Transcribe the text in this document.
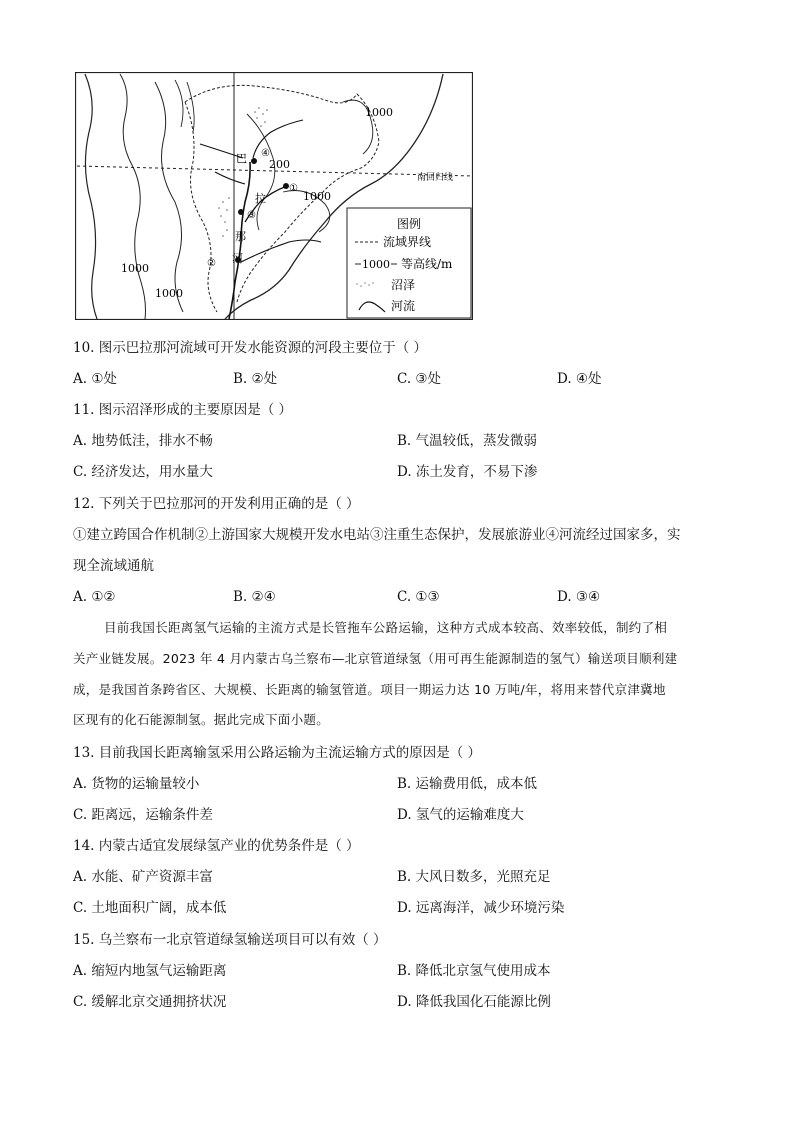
1000
200
1000
1000
1000
南回归线
巴
拉
那
河
①
②
③
④
图例
流域界线
1000 等高线/m
沼泽
河流
10. 图示巴拉那河流域可开发水能资源的河段主要位于（ ）
A. ①处	B. ②处	C. ③处	D. ④处
11. 图示沼泽形成的主要原因是（ ）
A. 地势低洼，排水不畅	B. 气温较低，蒸发微弱
C. 经济发达，用水量大	D. 冻土发育，不易下渗
12. 下列关于巴拉那河的开发利用正确的是（ ）
①建立跨国合作机制②上游国家大规模开发水电站③注重生态保护，发展旅游业④河流经过国家多，实
现全流域通航
A. ①②	B. ②④	C. ①③	D. ③④
目前我国长距离氢气运输的主流方式是长管拖车公路运输，这种方式成本较高、效率较低，制约了相
关产业链发展。2023 年 4 月内蒙古乌兰察布—北京管道绿氢（用可再生能源制造的氢气）输送项目顺利建
成，是我国首条跨省区、大规模、长距离的输氢管道。项目一期运力达 10 万吨/年，将用来替代京津冀地
区现有的化石能源制氢。据此完成下面小题。
13. 目前我国长距离输氢采用公路运输为主流运输方式的原因是（ ）
A. 货物的运输量较小	B. 运输费用低，成本低
C. 距离远，运输条件差	D. 氢气的运输难度大
14. 内蒙古适宜发展绿氢产业的优势条件是（ ）
A. 水能、矿产资源丰富	B. 大风日数多，光照充足
C. 土地面积广阔，成本低	D. 远离海洋，减少环境污染
15. 乌兰察布一北京管道绿氢输送项目可以有效（ ）
A. 缩短内地氢气运输距离	B. 降低北京氢气使用成本
C. 缓解北京交通拥挤状况	D. 降低我国化石能源比例
